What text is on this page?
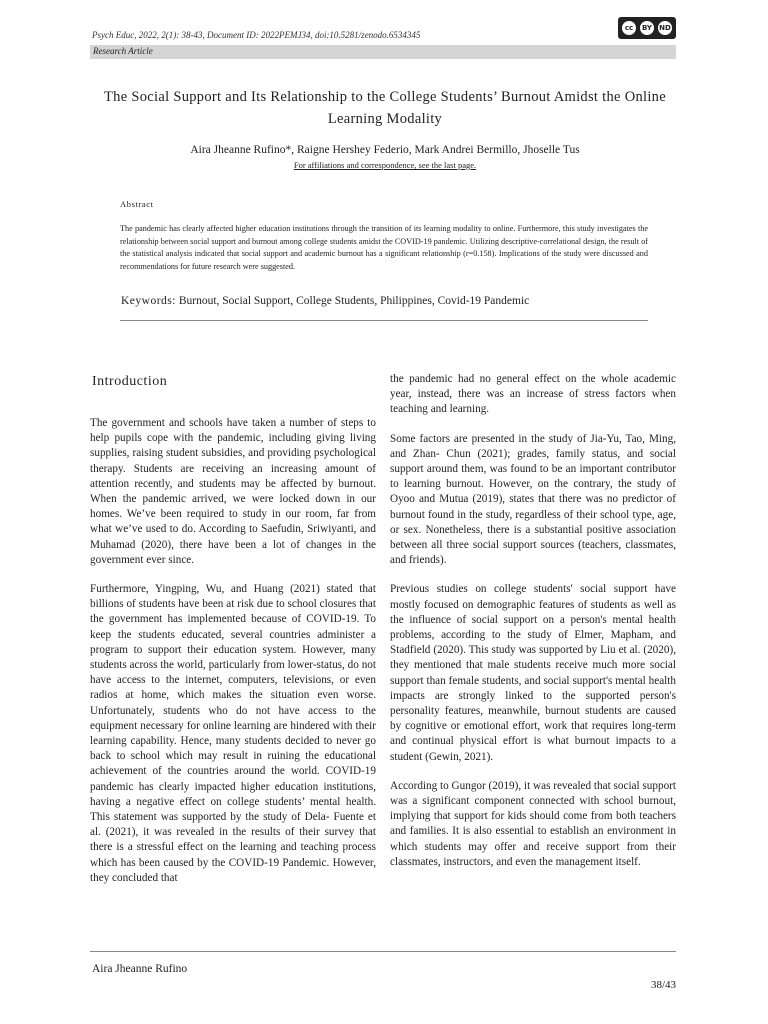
Psych Educ, 2022, 2(1): 38-43, Document ID: 2022PEMJ34, doi:10.5281/zenodo.6534345
cc	BY ND
Research Article
The Social Support and Its Relationship to the College Students’ Burnout Amidst the Online Learning Modality
Aira Jheanne Rufino*, Raigne Hershey Federio, Mark Andrei Bermillo, Jhoselle Tus
For affiliations and correspondence, see the last page.
Abstract
The pandemic has clearly affected higher education institutions through the transition of its learning modality to online. Furthermore, this study investigates the relationship between social support and burnout among college students amidst the COVID-19 pandemic. Utilizing descriptive-correlational design, the result of the statistical analysis indicated that social support and academic burnout has a significant relationship (r=0.158). Implications of the study were discussed and recommendations for future research were suggested.
Keywords: Burnout, Social Support, College Students, Philippines, Covid-19 Pandemic
Introduction

The government and schools have taken a number of steps to help pupils cope with the pandemic, including giving living supplies, raising student subsidies, and providing psychological therapy. Students are receiving an increasing amount of attention recently, and students may be affected by burnout. When the pandemic arrived, we were locked down in our homes. We’ve been required to study in our room, far from what we’ve used to do. According to Saefudin, Sriwiyanti, and Muhamad (2020), there have been a lot of changes in the government ever since.

Furthermore, Yingping, Wu, and Huang (2021) stated that billions of students have been at risk due to school closures that the government has implemented because of COVID-19. To keep the students educated, several countries administer a program to support their education system. However, many students across the world, particularly from lower-status, do not have access to the internet, computers, televisions, or even radios at home, which makes the situation even worse. Unfortunately, students who do not have access to the equipment necessary for online learning are hindered with their learning capability. Hence, many students decided to never go back to school which may result in ruining the educational achievement of the countries around the world. COVID-19 pandemic has clearly impacted higher education institutions, having a negative effect on college students’ mental health. This statement was supported by the study of Dela- Fuente et al. (2021), it was revealed in the results of their survey that there is a stressful effect on the learning and teaching process which has been caused by the COVID-19 Pandemic. However, they concluded that

the pandemic had no general effect on the whole academic year, instead, there was an increase of stress factors when teaching and learning.

Some factors are presented in the study of Jia-Yu, Tao, Ming, and Zhan- Chun (2021); grades, family status, and social support around them, was found to be an important contributor to learning burnout. However, on the contrary, the study of Oyoo and Mutua (2019), states that there was no predictor of burnout found in the study, regardless of their school type, age, or sex. Nonetheless, there is a substantial positive association between all three social support sources (teachers, classmates, and friends).

Previous studies on college students' social support have mostly focused on demographic features of students as well as the influence of social support on a person's mental health problems, according to the study of Elmer, Mapham, and Stadfield (2020). This study was supported by Liu et al. (2020), they mentioned that male students receive much more social support than female students, and social support's mental health impacts are strongly linked to the supported person's personality features, meanwhile, burnout students are caused by cognitive or emotional effort, work that requires long-term and continual physical effort is what burnout impacts to a student (Gewin, 2021).

According to Gungor (2019), it was revealed that social support was a significant component connected with school burnout, implying that support for kids should come from both teachers and families. It is also essential to establish an environment in which students may offer and receive support from their classmates, instructors, and even the management itself.

Aira Jheanne Rufino
38/43
